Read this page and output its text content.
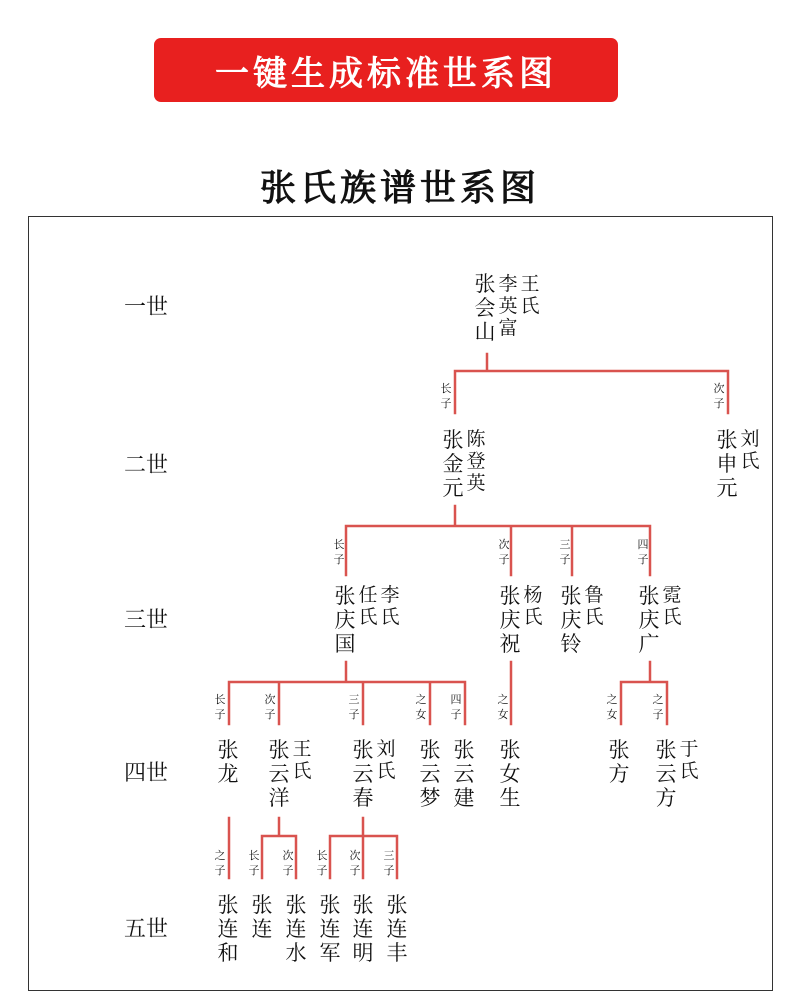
一键生成标准世系图
张氏族谱世系图
一世
二世
三世
四世
五世
张会山
李英富
王氏
长子
张金元
陈登英
次子
张申元
刘氏
长子
张庆国
任氏
李氏
次子
张庆祝
杨氏
三子
张庆铃
鲁氏
四子
张庆广
霓氏
长子
张龙
次子
张云洋
王氏
三子
张云春
刘氏
之女
张云梦
四子
张云建
之女
张女生
之女
张方
之子
张云方
于氏
之子
张连和
长子
张连
次子
张连水
长子
张连军
次子
张连明
三子
张连丰
